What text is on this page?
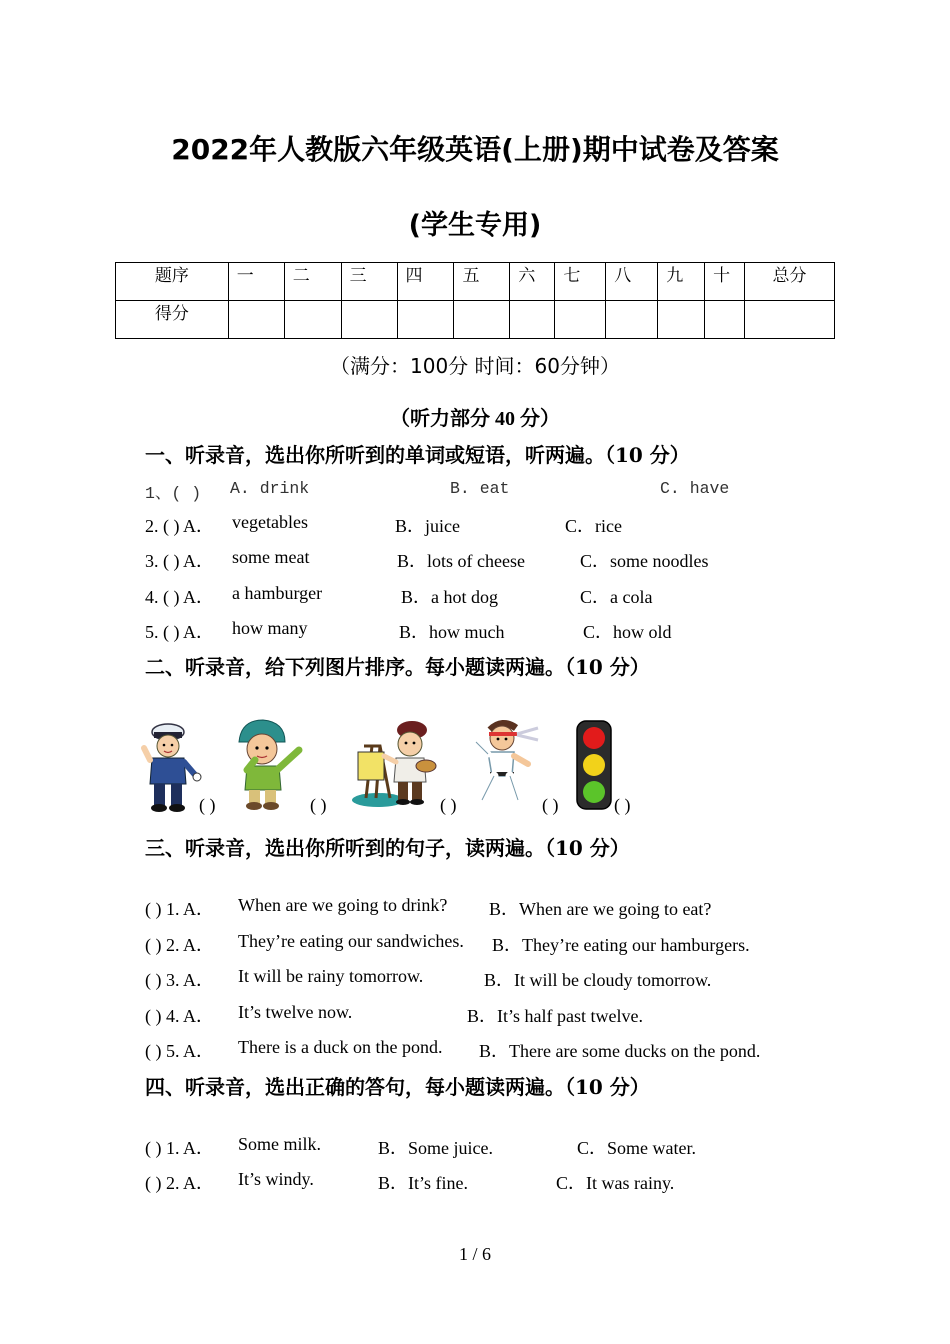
2022年人教版六年级英语(上册)期中试卷及答案
(学生专用)
题序	一	二	三	四	五	六	七	八	九	十	总分
得分											
（满分：100分 时间：60分钟）
（听力部分 40 分）
一、听录音，选出你所听到的单词或短语，听两遍。（10 分）
1、( ) A. drink	B. eat	C. have
2. ( ) A． vegetables	B．juice	C．rice
3. ( ) A． some meat	B．lots of cheese	C．some noodles
4. ( ) A． a hamburger	B．a hot dog	C．a cola
5. ( ) A． how many	B．how much	C．how old
二、听录音，给下列图片排序。每小题读两遍。（10 分）
( )	( )	( )	( )	( )
三、听录音，选出你所听到的句子，读两遍。（10 分）
( ) 1. A． When are we going to drink? B．When are we going to eat?
( ) 2. A． They’re eating our sandwiches. B．They’re eating our hamburgers.
( ) 3. A． It will be rainy tomorrow.	B．It will be cloudy tomorrow.
( ) 4. A． It’s twelve now.	B．It’s half past twelve.
( ) 5. A． There is a duck on the pond. B．There are some ducks on the pond.
四、听录音，选出正确的答句，每小题读两遍。（10 分）
( ) 1. A． Some milk.	B．Some juice.	C．Some water.
( ) 2. A． It’s windy.	B．It’s fine.	C．It was rainy.
1 / 6
